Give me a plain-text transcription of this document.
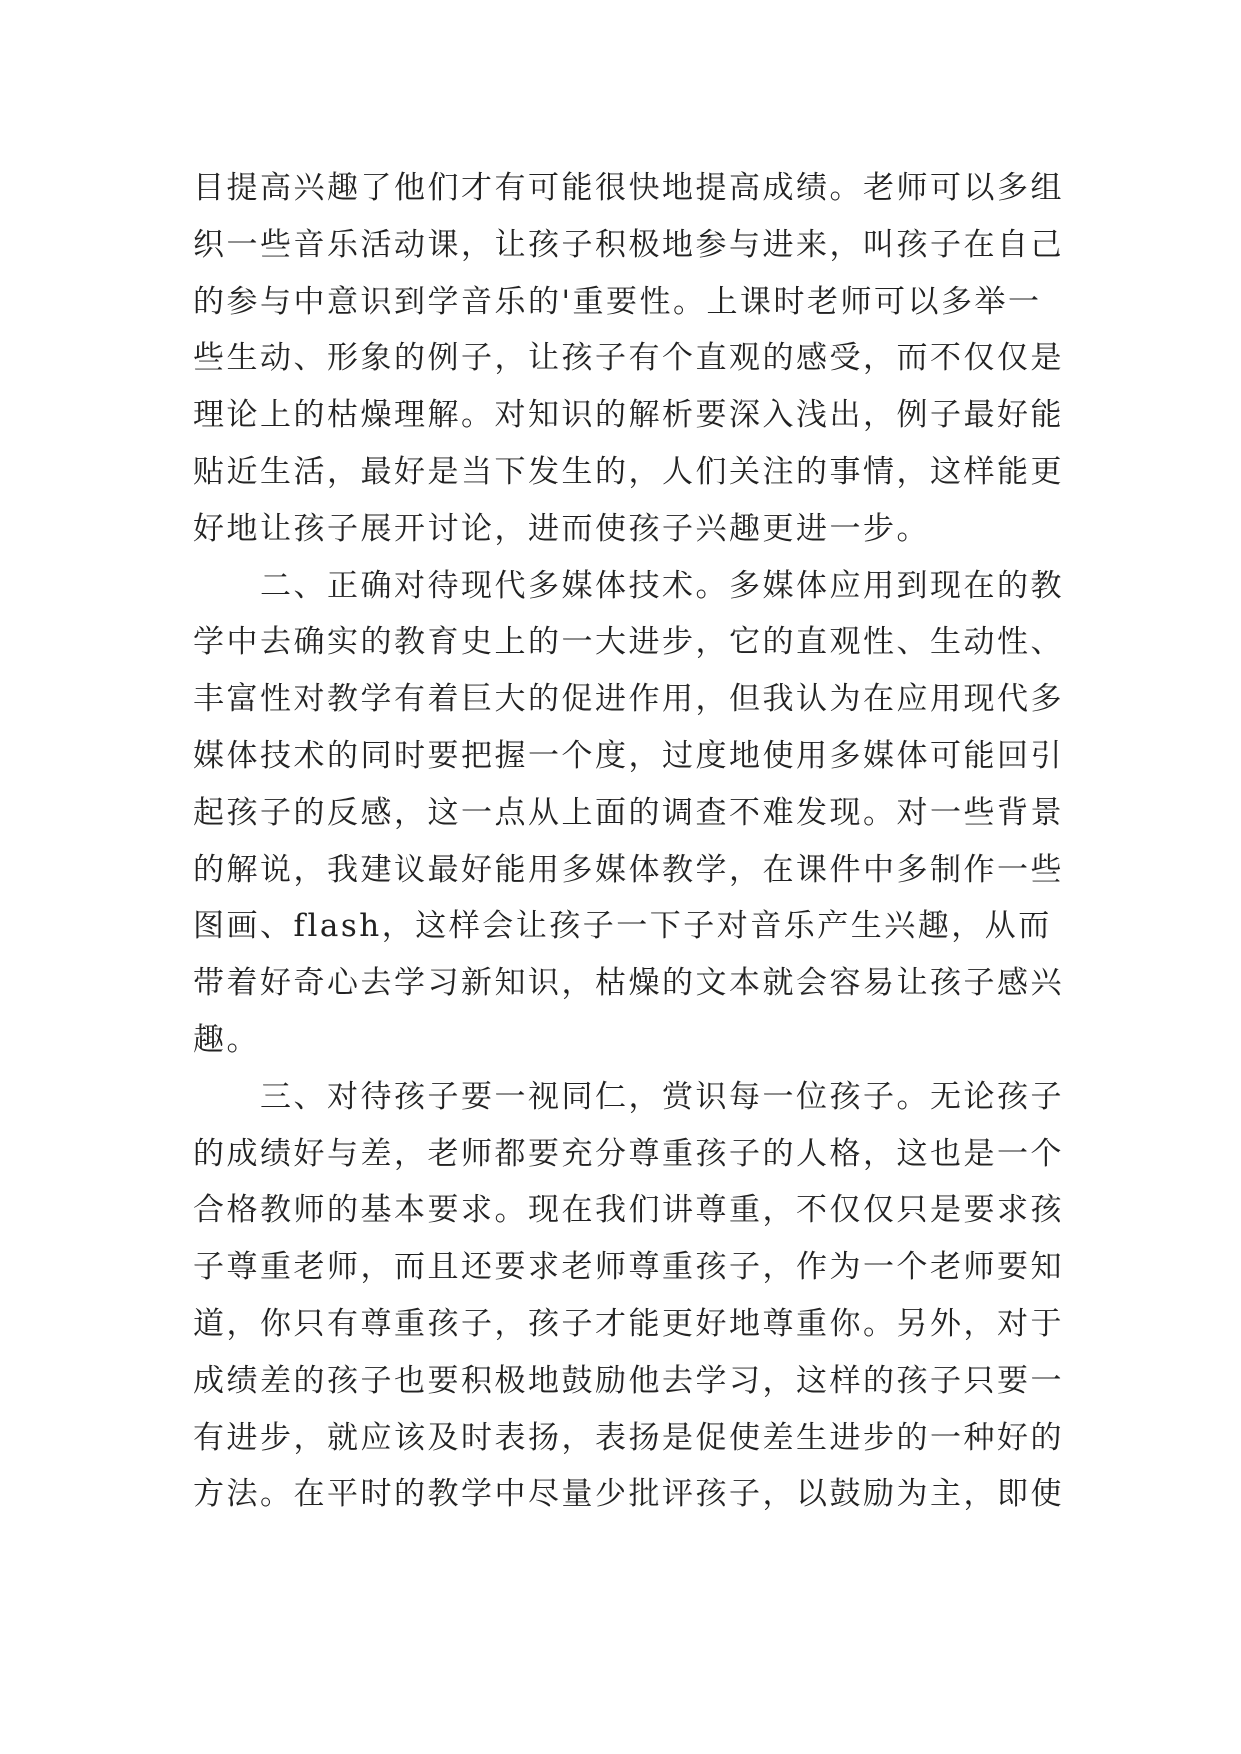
目提高兴趣了他们才有可能很快地提高成绩。老师可以多组
织一些音乐活动课，让孩子积极地参与进来，叫孩子在自己
的参与中意识到学音乐的'重要性。上课时老师可以多举一
些生动、形象的例子，让孩子有个直观的感受，而不仅仅是
理论上的枯燥理解。对知识的解析要深入浅出，例子最好能
贴近生活，最好是当下发生的，人们关注的事情，这样能更
好地让孩子展开讨论，进而使孩子兴趣更进一步。
　　二、正确对待现代多媒体技术。多媒体应用到现在的教
学中去确实的教育史上的一大进步，它的直观性、生动性、
丰富性对教学有着巨大的促进作用，但我认为在应用现代多
媒体技术的同时要把握一个度，过度地使用多媒体可能回引
起孩子的反感，这一点从上面的调查不难发现。对一些背景
的解说，我建议最好能用多媒体教学，在课件中多制作一些
图画、flash，这样会让孩子一下子对音乐产生兴趣，从而
带着好奇心去学习新知识，枯燥的文本就会容易让孩子感兴
趣。
　　三、对待孩子要一视同仁，赏识每一位孩子。无论孩子
的成绩好与差，老师都要充分尊重孩子的人格，这也是一个
合格教师的基本要求。现在我们讲尊重，不仅仅只是要求孩
子尊重老师，而且还要求老师尊重孩子，作为一个老师要知
道，你只有尊重孩子，孩子才能更好地尊重你。另外，对于
成绩差的孩子也要积极地鼓励他去学习，这样的孩子只要一
有进步，就应该及时表扬，表扬是促使差生进步的一种好的
方法。在平时的教学中尽量少批评孩子，以鼓励为主，即使
